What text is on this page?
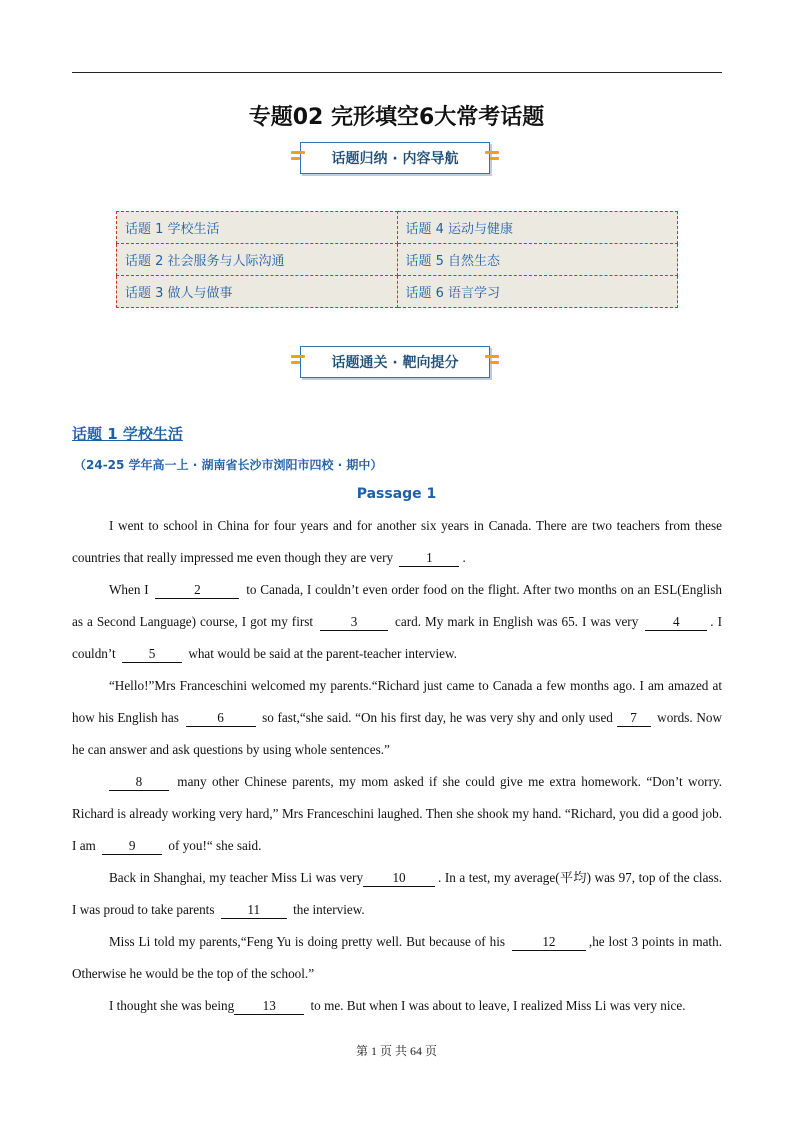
专题02 完形填空6大常考话题
话题归纳 · 内容导航
话题 1 学校生活	话题 4 运动与健康
话题 2 社会服务与人际沟通	话题 5 自然生态
话题 3 做人与做事	话题 6 语言学习
话题通关 · 靶向提分
话题 1 学校生活
（24-25 学年高一上 · 湖南省长沙市浏阳市四校 · 期中）
Passage 1

I went to school in China for four years and for another six years in Canada. There are two teachers from these countries that really impressed me even though they are very 1 .

When I	2	to Canada, I couldn’t even order food on the flight. After two months on an ESL(English as a Second Language) course, I got my first	3	card. My mark in English was 65. I was very 4 . I couldn’t 5 what would be said at the parent-teacher interview.

“Hello!”Mrs Franceschini welcomed my parents.“Richard just came to Canada a few months ago. I am amazed at how his English has	6	so fast,“she said. “On his first day, he was very shy and only used 7 words. Now he can answer and ask questions by using whole sentences.”

8 many other Chinese parents, my mom asked if she could give me extra homework. “Don’t worry. Richard is already working very hard,” Mrs Franceschini laughed. Then she shook my hand. “Richard, you did a good job. I am 9 of you!“ she said.

Back in Shanghai, my teacher Miss Li was very 10 . In a test, my average(平均) was 97, top of the class. I was proud to take parents 11 the interview.

Miss Li told my parents,“Feng Yu is doing pretty well. But because of his	12	,he lost 3 points in math. Otherwise he would be the top of the school.”

I thought she was being 13 to me. But when I was about to leave, I realized Miss Li was very nice.

第 1 页 共 64 页
